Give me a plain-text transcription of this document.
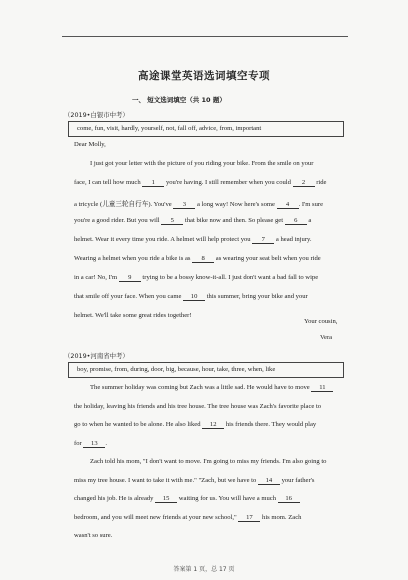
高途课堂英语选词填空专项
一、 短文选词填空（共 10 题）
（2019•白银市中考）
come, fun, visit, hardly, yourself, not, fall off, advice, from, important
Dear Molly,
I just got your letter with the picture of you riding your bike. From the smile on your
face, I can tell how much 1 you're having. I still remember when you could 2 ride
a tricycle (儿童三轮自行车). You've 3 a long way! Now here's some 4 . I'm sure
you're a good rider. But you will 5 that bike now and then. So please get 6 a
helmet. Wear it every time you ride. A helmet will help protect you 7 a head injury.
Wearing a helmet when you ride a bike is as 8 as wearing your seat belt when you ride
in a car! No, I'm 9 trying to be a bossy know-it-all. I just don't want a bad fall to wipe
that smile off your face. When you came 10 this summer, bring your bike and your
helmet. We'll take some great rides together!
Your cousin,
Vera
（2019•河南省中考）
boy, promise, from, during, door, big, because, hour, take, three, when, like
The summer holiday was coming but Zach was a little sad. He would have to move 11
the holiday, leaving his friends and his tree house. The tree house was Zach's favorite place to
go to when he wanted to be alone. He also liked 12 his friends there. They would play
for 13 .
Zach told his mom, "I don't want to move. I'm going to miss my friends. I'm also going to
miss my tree house. I want to take it with me." "Zach, but we have to 14 your father's
changed his job. He is already 15 waiting for us. You will have a much 16
bedroom, and you will meet new friends at your new school," 17 his mom. Zach
wasn't so sure.
答案第 1 页，总 17 页
